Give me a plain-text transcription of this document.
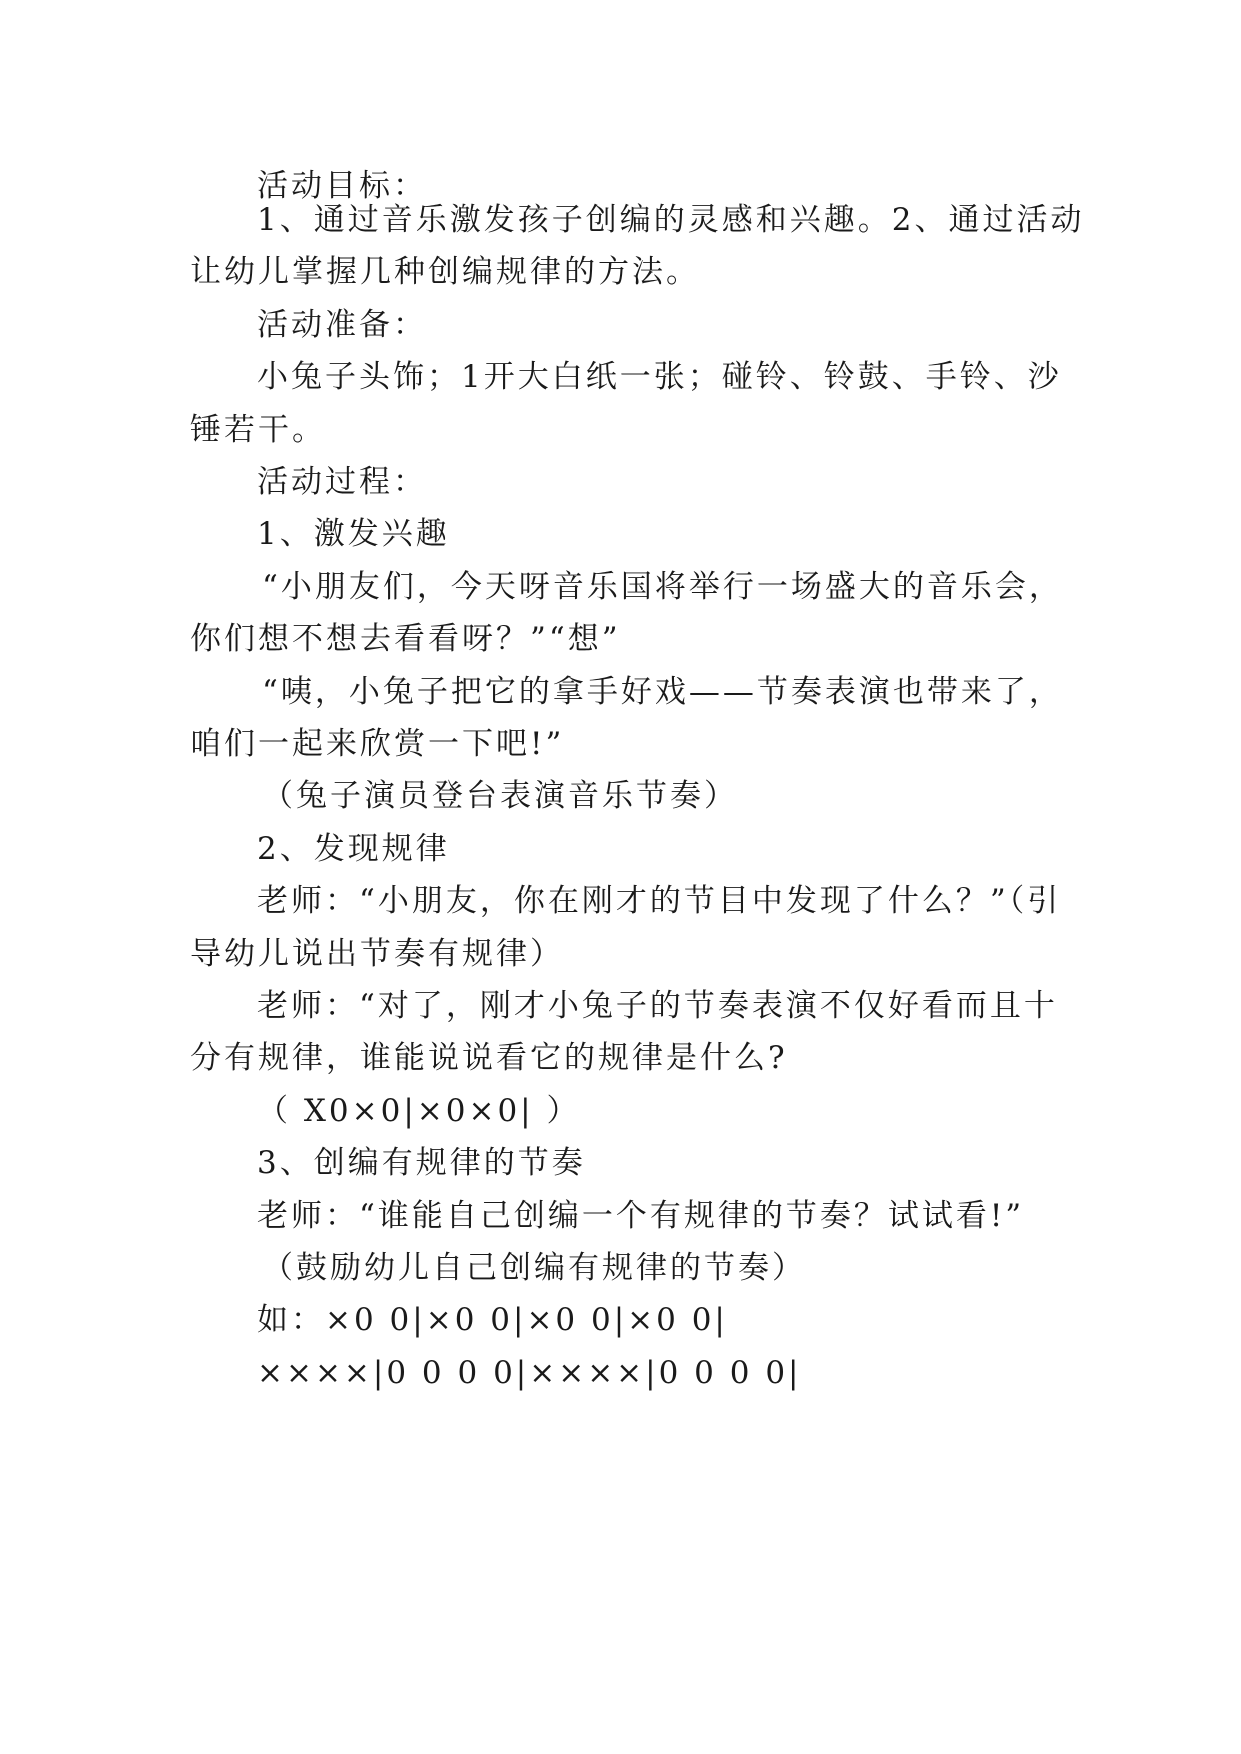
活动目标：
1、通过音乐激发孩子创编的灵感和兴趣。2、通过活动
让幼儿掌握几种创编规律的方法。
活动准备：
小兔子头饰；1开大白纸一张；碰铃、铃鼓、手铃、沙
锤若干。
活动过程：
1、激发兴趣
“小朋友们，今天呀音乐国将举行一场盛大的音乐会，
你们想不想去看看呀？”“想”
“咦，小兔子把它的拿手好戏——节奏表演也带来了，
咱们一起来欣赏一下吧!”
（兔子演员登台表演音乐节奏）
2、发现规律
老师：“小朋友，你在刚才的节目中发现了什么？”（引
导幼儿说出节奏有规律）
老师：“对了，刚才小兔子的节奏表演不仅好看而且十
分有规律，谁能说说看它的规律是什么?
（ X0×0|×0×0| ）
3、创编有规律的节奏
老师：“谁能自己创编一个有规律的节奏？试试看!”
（鼓励幼儿自己创编有规律的节奏）
如：×0 0|×0 0|×0 0|×0 0|
××××|0 0 0 0|××××|0 0 0 0|
